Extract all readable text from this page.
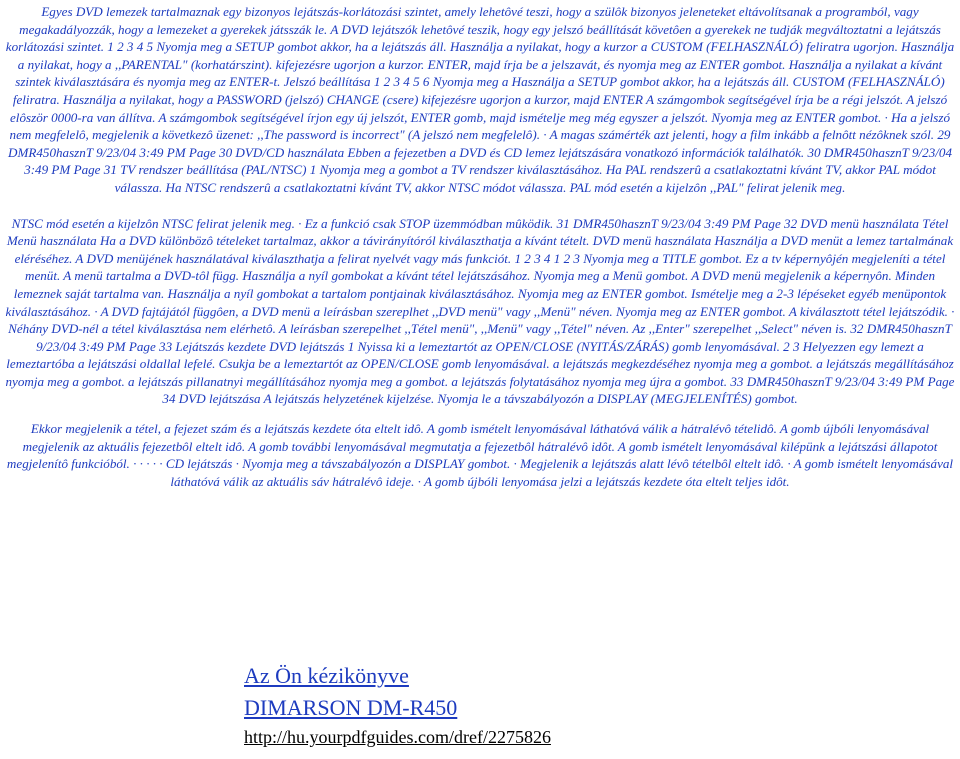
Egyes DVD lemezek tartalmaznak egy bizonyos lejátszás-korlátozási szintet, amely lehetôvé teszi, hogy a szülôk bizonyos jeleneteket eltávolítsanak a programból, vagy megakadályozzák, hogy a lemezeket a gyerekek játsszák le. A DVD lejátszók lehetôvé teszik, hogy egy jelszó beállítását követôen a gyerekek ne tudják megváltoztatni a lejátszás korlátozási szintet. 1 2 3 4 5 Nyomja meg a SETUP gombot akkor, ha a lejátszás áll. Használja a nyilakat, hogy a kurzor a CUSTOM (FELHASZNÁLÓ) feliratra ugorjon. Használja a nyilakat, hogy a ,,PARENTAL" (korhatárszint). kifejezésre ugorjon a kurzor. ENTER, majd írja be a jelszavát, és nyomja meg az ENTER gombot. Használja a nyilakat a kívánt szintek kiválasztására és nyomja meg az ENTER-t. Jelszó beállítása 1 2 3 4 5 6 Nyomja meg a Használja a SETUP gombot akkor, ha a lejátszás áll. CUSTOM (FELHASZNÁLÓ) feliratra. Használja a nyilakat, hogy a PASSWORD (jelszó) CHANGE (csere) kifejezésre ugorjon a kurzor, majd ENTER A számgombok segítségével írja be a régi jelszót. A jelszó elôször 0000-ra van állítva. A számgombok segítségével írjon egy új jelszót, ENTER gomb, majd ismételje meg még egyszer a jelszót. Nyomja meg az ENTER gombot. · Ha a jelszó nem megfelelô, megjelenik a következô üzenet: ,,The password is incorrect" (A jelszó nem megfelelô). · A magas számérték azt jelenti, hogy a film inkább a felnôtt nézôknek szól. 29 DMR450hasznT 9/23/04 3:49 PM Page 30 DVD/CD használata Ebben a fejezetben a DVD és CD lemez lejátszására vonatkozó információk találhatók. 30 DMR450hasznT 9/23/04 3:49 PM Page 31 TV rendszer beállítása (PAL/NTSC) 1 Nyomja meg a gombot a TV rendszer kiválasztásához. Ha PAL rendszerû a csatlakoztatni kívánt TV, akkor PAL módot válassza. Ha NTSC rendszerû a csatlakoztatni kívánt TV, akkor NTSC módot válassza. PAL mód esetén a kijelzôn ,,PAL" felirat jelenik meg.

NTSC mód esetén a kijelzôn NTSC felirat jelenik meg. · Ez a funkció csak STOP üzemmódban mûködik. 31 DMR450hasznT 9/23/04 3:49 PM Page 32 DVD menü használata Tétel Menü használata Ha a DVD különbözô tételeket tartalmaz, akkor a távirányítóról kiválaszthatja a kívánt tételt. DVD menü használata Használja a DVD menüt a lemez tartalmának eléréséhez. A DVD menüjének használatával kiválaszthatja a felirat nyelvét vagy más funkciót. 1 2 3 4 1 2 3 Nyomja meg a TITLE gombot. Ez a tv képernyôjén megjeleníti a tétel menüt. A menü tartalma a DVD-tôl függ. Használja a nyíl gombokat a kívánt tétel lejátszásához. Nyomja meg a Menü gombot. A DVD menü megjelenik a képernyôn. Minden lemeznek saját tartalma van. Használja a nyíl gombokat a tartalom pontjainak kiválasztásához. Nyomja meg az ENTER gombot. Ismételje meg a 2-3 lépéseket egyéb menüpontok kiválasztásához. · A DVD fajtájától függôen, a DVD menü a leírásban szereplhet ,,DVD menü" vagy ,,Menü" néven. Nyomja meg az ENTER gombot. A kiválasztott tétel lejátszódik. · Néhány DVD-nél a tétel kiválasztása nem elérhetô. A leírásban szerepelhet ,,Tétel menü", ,,Menü" vagy ,,Tétel" néven. Az ,,Enter" szerepelhet ,,Select" néven is. 32 DMR450hasznT 9/23/04 3:49 PM Page 33 Lejátszás kezdete DVD lejátszás 1 Nyissa ki a lemeztartót az OPEN/CLOSE (NYITÁS/ZÁRÁS) gomb lenyomásával. 2 3 Helyezzen egy lemezt a lemeztartóba a lejátszási oldallal lefelé. Csukja be a lemeztartót az OPEN/CLOSE gomb lenyomásával. a lejátszás megkezdéséhez nyomja meg a gombot. a lejátszás megállításához nyomja meg a gombot. a lejátszás pillanatnyi megállításához nyomja meg a gombot. a lejátszás folytatásához nyomja meg újra a gombot. 33 DMR450hasznT 9/23/04 3:49 PM Page 34 DVD lejátszása A lejátszás helyzetének kijelzése. Nyomja le a távszabályozón a DISPLAY (MEGJELENÍTÉS) gombot.

Ekkor megjelenik a tétel, a fejezet szám és a lejátszás kezdete óta eltelt idô. A gomb ismételt lenyomásával láthatóvá válik a hátralévô tételidô. A gomb újbóli lenyomásával megjelenik az aktuális fejezetbôl eltelt idô. A gomb további lenyomásával megmutatja a fejezetbôl hátralévô idôt. A gomb ismételt lenyomásával kilépünk a lejátszási állapotot megjelenítô funkcióból. · · · · · CD lejátszás · Nyomja meg a távszabályozón a DISPLAY gombot. · Megjelenik a lejátszás alatt lévô tételbôl eltelt idô. · A gomb ismételt lenyomásával láthatóvá válik az aktuális sáv hátralévô ideje. · A gomb újbóli lenyomása jelzi a lejátszás kezdete óta eltelt teljes idôt.

Az Ön kézikönyve
DIMARSON DM-R450
http://hu.yourpdfguides.com/dref/2275826
